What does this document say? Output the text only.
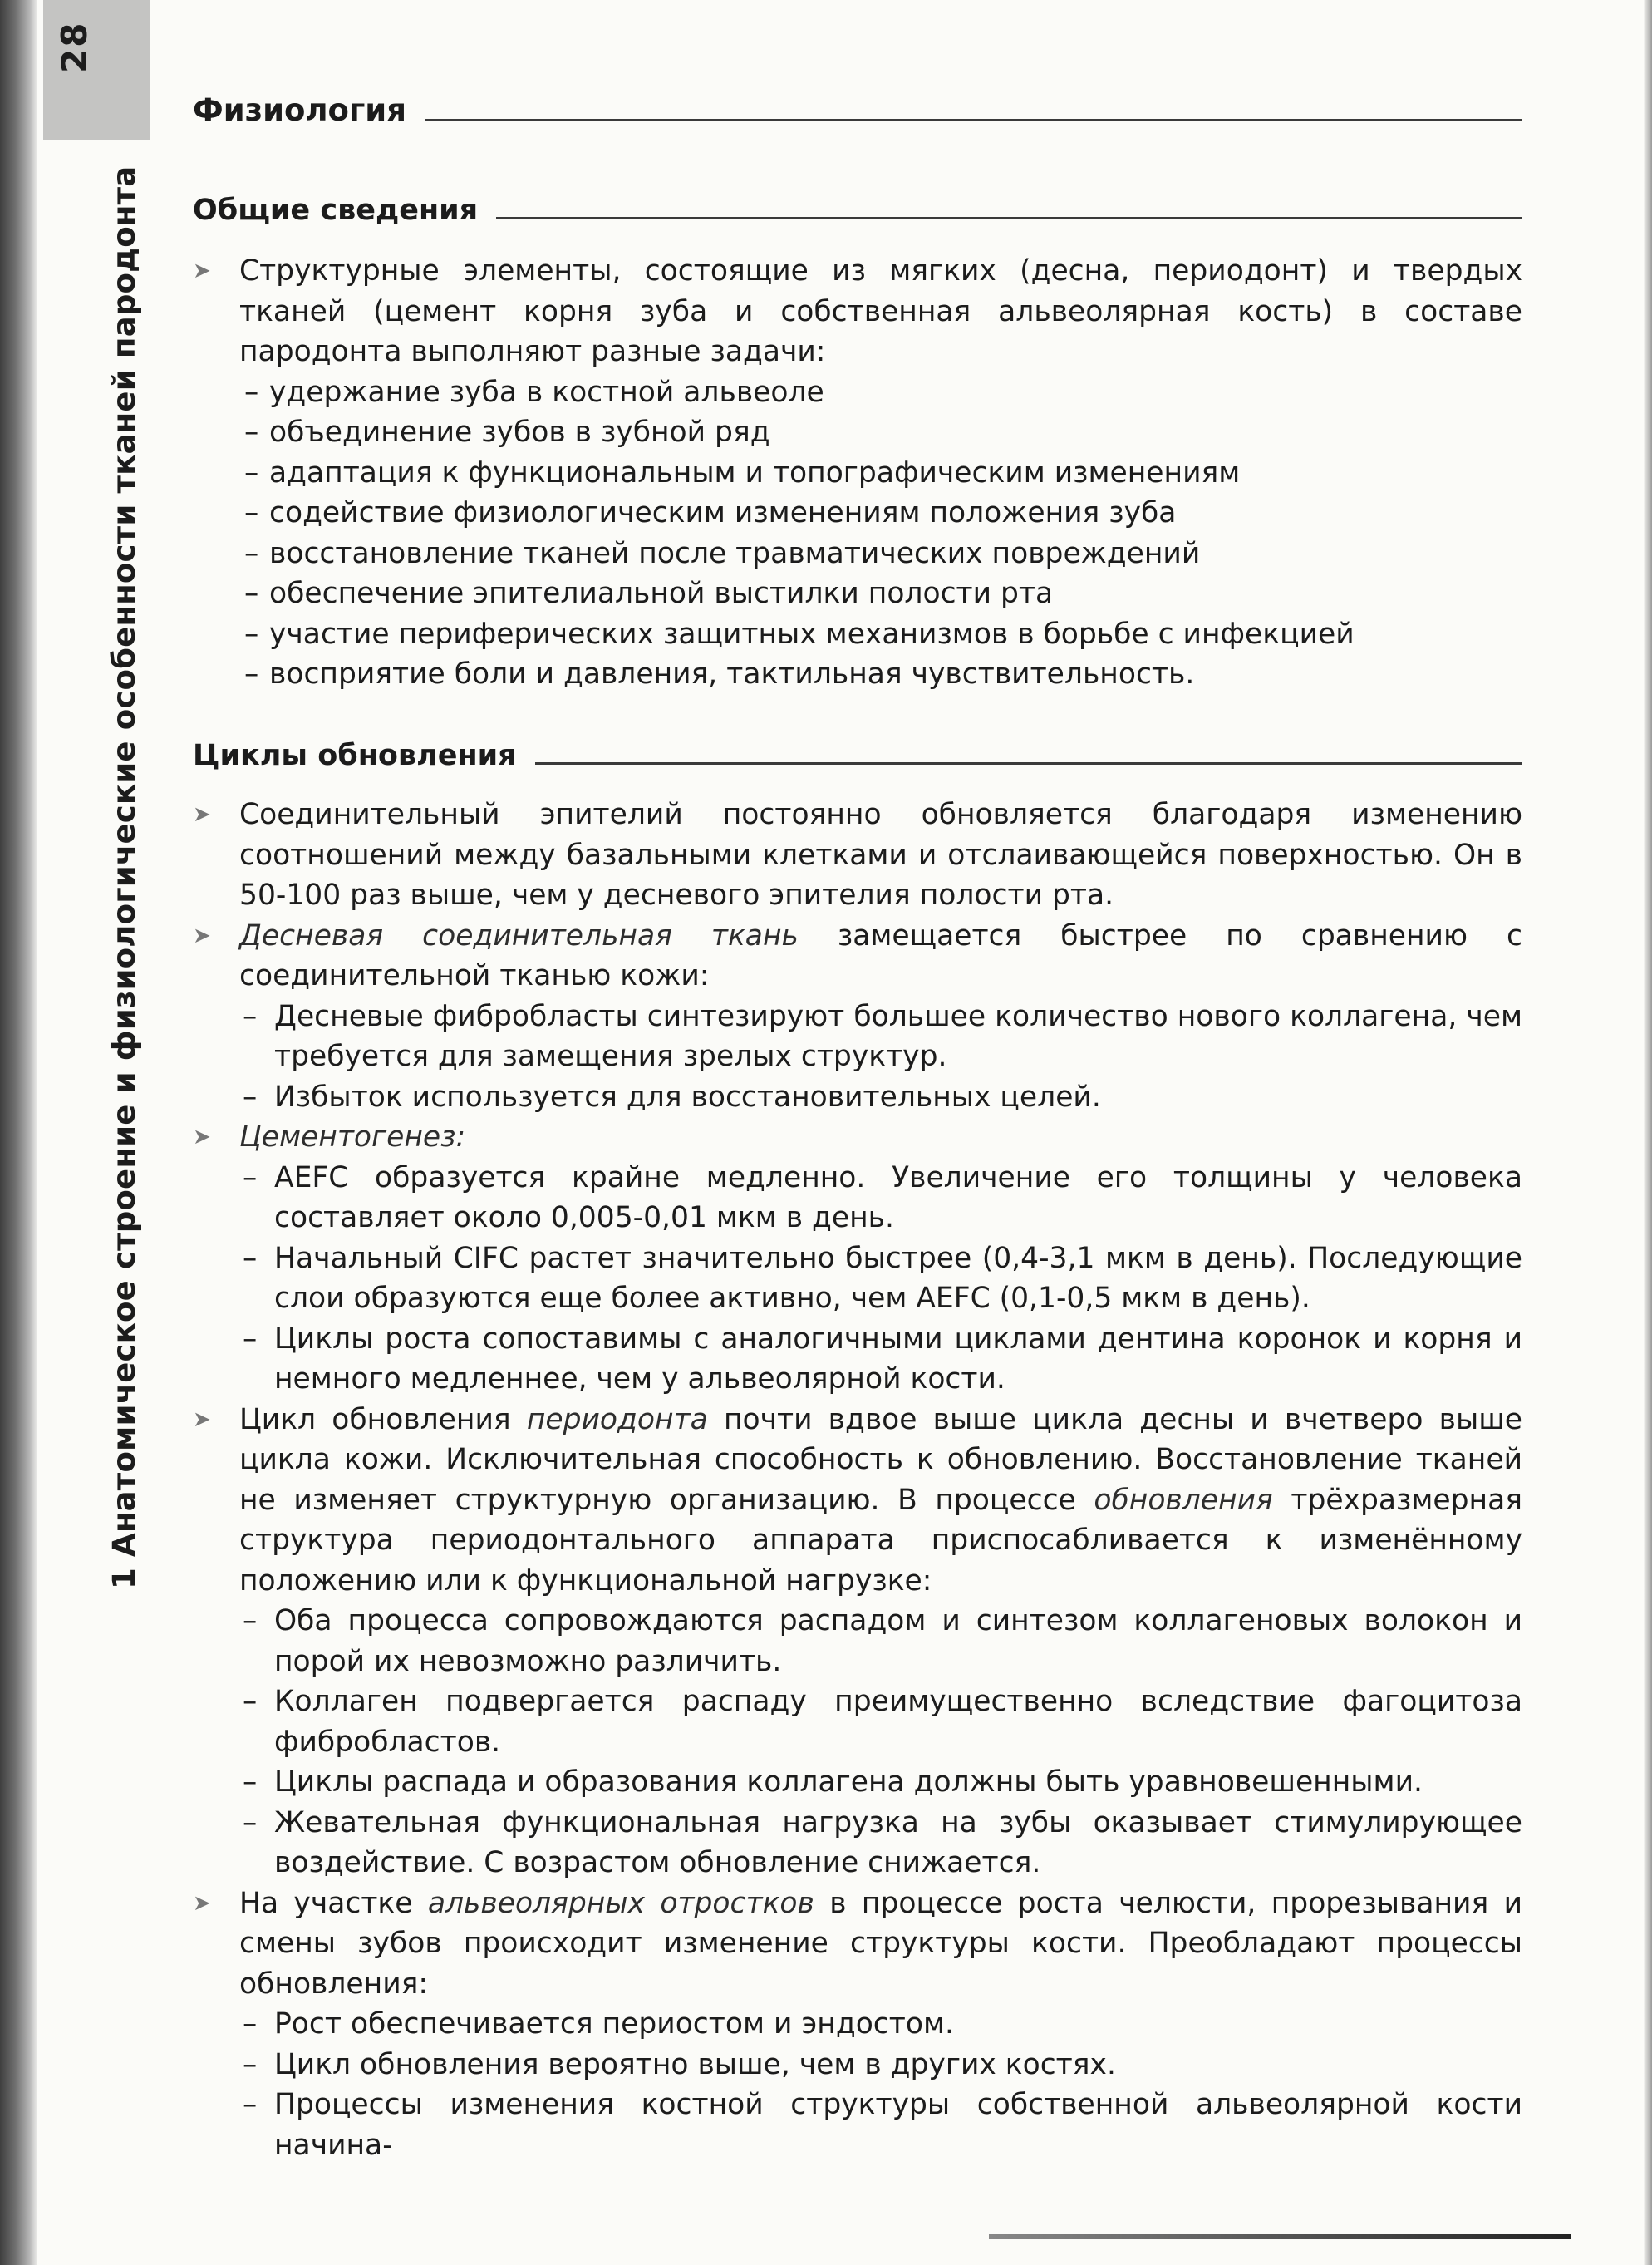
28
1 Анатомическое строение и физиологические особенности тканей пародонта
Физиология
Общие сведения

➤ Структурные элементы, состоящие из мягких (десна, периодонт) и твердых тканей (цемент корня зуба и собственная альвеолярная кость) в составе пародонта выполняют разные задачи:

– удержание зуба в костной альвеоле

– объединение зубов в зубной ряд

– адаптация к функциональным и топографическим изменениям

– содействие физиологическим изменениям положения зуба

– восстановление тканей после травматических повреждений

– обеспечение эпителиальной выстилки полости рта

– участие периферических защитных механизмов в борьбе с инфекцией

– восприятие боли и давления, тактильная чувствительность.

Циклы обновления

➤ Соединительный эпителий постоянно обновляется благодаря изменению соотношений между базальными клетками и отслаивающейся поверхностью. Он в 50-100 раз выше, чем у десневого эпителия полости рта.

➤ Десневая соединительная ткань замещается быстрее по сравнению с соединительной тканью кожи:

– Десневые фибробласты синтезируют большее количество нового коллагена, чем требуется для замещения зрелых структур.

– Избыток используется для восстановительных целей.

➤ Цементогенез:

– AEFC образуется крайне медленно. Увеличение его толщины у человека составляет около 0,005-0,01 мкм в день.

– Начальный CIFC растет значительно быстрее (0,4-3,1 мкм в день). Последующие слои образуются еще более активно, чем AEFC (0,1-0,5 мкм в день).

– Циклы роста сопоставимы с аналогичными циклами дентина коронок и корня и немного медленнее, чем у альвеолярной кости.

➤ Цикл обновления периодонта почти вдвое выше цикла десны и вчетверо выше цикла кожи. Исключительная способность к обновлению. Восстановление тканей не изменяет структурную организацию. В процессе обновления трёхразмерная структура периодонтального аппарата приспосабливается к изменённому положению или к функциональной нагрузке:

– Оба процесса сопровождаются распадом и синтезом коллагеновых волокон и порой их невозможно различить.

– Коллаген подвергается распаду преимущественно вследствие фагоцитоза фибробластов.

– Циклы распада и образования коллагена должны быть уравновешенными.

– Жевательная функциональная нагрузка на зубы оказывает стимулирующее воздействие. С возрастом обновление снижается.

➤ На участке альвеолярных отростков в процессе роста челюсти, прорезывания и смены зубов происходит изменение структуры кости. Преобладают процессы обновления:

– Рост обеспечивается периостом и эндостом.

– Цикл обновления вероятно выше, чем в других костях.

– Процессы изменения костной структуры собственной альвеолярной кости начина-
